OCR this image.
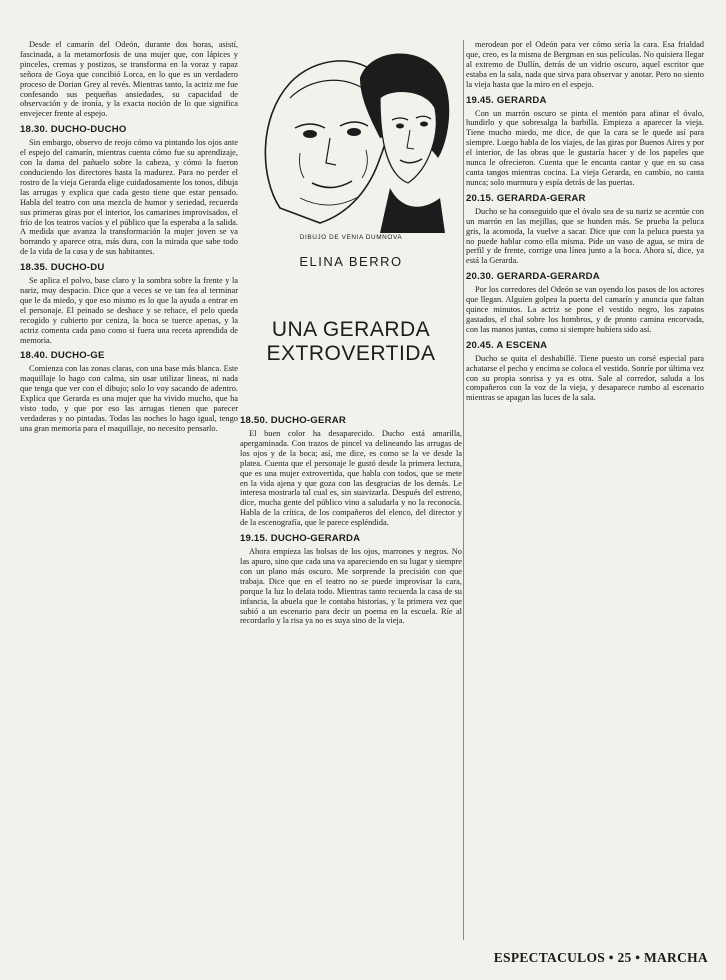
Desde el camarín del Odeón, durante dos horas, asistí, fascinada, a la metamorfosis de una mujer que, con lápices y pinceles, cremas y postizos, se transforma en la voraz y rapaz señora de Goya que concibió Lorca, en lo que es un verdadero proceso de Dorian Grey al revés. Mientras tanto, la actriz me fue confesando sus pequeñas ansiedades, su capacidad de observación y de ironía, y la exacta noción de lo que significa envejecer frente al espejo.

18.30. DUCHO-DUCHO

Sin embargo, observo de reojo cómo va pintando los ojos ante el espejo del camarín, mientras cuenta cómo fue su aprendizaje, con la dama del pañuelo sobre la cabeza, y cómo la fueron conduciendo los directores hasta la madurez. Para no perder el rostro de la vieja Gerarda elige cuidadosamente los tonos, dibuja las arrugas y explica que cada gesto tiene que estar pensado. Habla del teatro con una mezcla de humor y seriedad, recuerda sus primeras giras por el interior, los camarines improvisados, el frío de los teatros vacíos y el público que la esperaba a la salida. A medida que avanza la transformación la mujer joven se va borrando y aparece otra, más dura, con la mirada que sabe todo de la vida de la casa y de sus habitantes.

18.35. DUCHO-DU

Se aplica el polvo, base claro y la sombra sobre la frente y la nariz, muy despacio. Dice que a veces se ve tan fea al terminar que le da miedo, y que eso mismo es lo que la ayuda a entrar en el personaje. El peinado se deshace y se rehace, el pelo queda recogido y cubierto por ceniza, la boca se tuerce apenas, y la actriz comenta cada paso como si fuera una receta aprendida de memoria.

18.40. DUCHO-GE

Comienza con las zonas claras, con una base más blanca. Este maquillaje lo hago con calma, sin usar utilizar lineas, ni nada que tenga que ver con el dibujo; solo lo voy sacando de adentro. Explica que Gerarda es una mujer que ha vivido mucho, que ha visto todo, y que por eso las arrugas tienen que parecer verdaderas y no pintadas. Todas las noches lo hago igual, tengo una gran memoria para el maquillaje, no necesito pensarlo.

DIBUJO DE VENIA DUMNOVA
ELINA BERRO
UNA GERARDA
EXTROVERTIDA
18.50. DUCHO-GERAR

El buen color ha desaparecido. Ducho está amarilla, apergaminada. Con trazos de pincel va delineando las arrugas de los ojos y de la boca; así, me dice, es como se la ve desde la platea. Cuenta que el personaje le gustó desde la primera lectura, que es una mujer extrovertida, que habla con todos, que se mete en la vida ajena y que goza con las desgracias de los demás. Le interesa mostrarla tal cual es, sin suavizarla. Después del estreno, dice, mucha gente del público vino a saludarla y no la reconocía. Habla de la crítica, de los compañeros del elenco, del director y de la escenografía, que le parece espléndida.

19.15. DUCHO-GERARDA

Ahora empieza las bolsas de los ojos, marrones y negros. No las apuro, sino que cada una va apareciendo en su lugar y siempre con un plano más oscuro. Me sorprende la precisión con que trabaja. Dice que en el teatro no se puede improvisar la cara, porque la luz lo delata todo. Mientras tanto recuerda la casa de su infancia, la abuela que le contaba historias, y la primera vez que subió a un escenario para decir un poema en la escuela. Ríe al recordarlo y la risa ya no es suya sino de la vieja.

merodean por el Odeón para ver cómo sería la cara. Esa frialdad que, creo, es la misma de Bergman en sus películas. No quisiera llegar al extremo de Dullín, detrás de un vidrio oscuro, aquel escritor que estaba en la sala, nada que sirva para observar y anotar. Pero no siento la vieja hasta que la miro en el espejo.

19.45. GERARDA

Con un marrón oscuro se pinta el mentón para afinar el óvalo, hundirlo y que sobresalga la barbilla. Empieza a aparecer la vieja. Tiene mucho miedo, me dice, de que la cara se le quede así para siempre. Luego habla de los viajes, de las giras por Buenos Aires y por el interior, de las obras que le gustaría hacer y de los papeles que nunca le ofrecieron. Cuenta que le encanta cantar y que en su casa canta tangos mientras cocina. La vieja Gerarda, en cambio, no canta nunca; solo murmura y espía detrás de las puertas.

20.15. GERARDA-GERAR

Ducho se ha conseguido que el óvalo sea de su nariz se acentúe con un marrón en las mejillas, que se hunden más. Se prueba la peluca gris, la acomoda, la vuelve a sacar. Dice que con la peluca puesta ya no puede hablar como ella misma. Pide un vaso de agua, se mira de perfil y de frente, corrige una línea junto a la boca. Ahora sí, dice, ya está la Gerarda.

20.30. GERARDA-GERARDA

Por los corredores del Odeón se van oyendo los pasos de los actores que llegan. Alguien golpea la puerta del camarín y anuncia que faltan quince minutos. La actriz se pone el vestido negro, los zapatos gastados, el chal sobre los hombros, y de pronto camina encorvada, con las manos juntas, como si siempre hubiera sido así.

20.45. A ESCENA

Ducho se quita el deshabillé. Tiene puesto un corsé especial para achatarse el pecho y encima se coloca el vestido. Sonríe por última vez con su propia sonrisa y ya es otra. Sale al corredor, saluda a los compañeros con la voz de la vieja, y desaparece rumbo al escenario mientras se apagan las luces de la sala.

ESPECTACULOS • 25 • MARCHA
